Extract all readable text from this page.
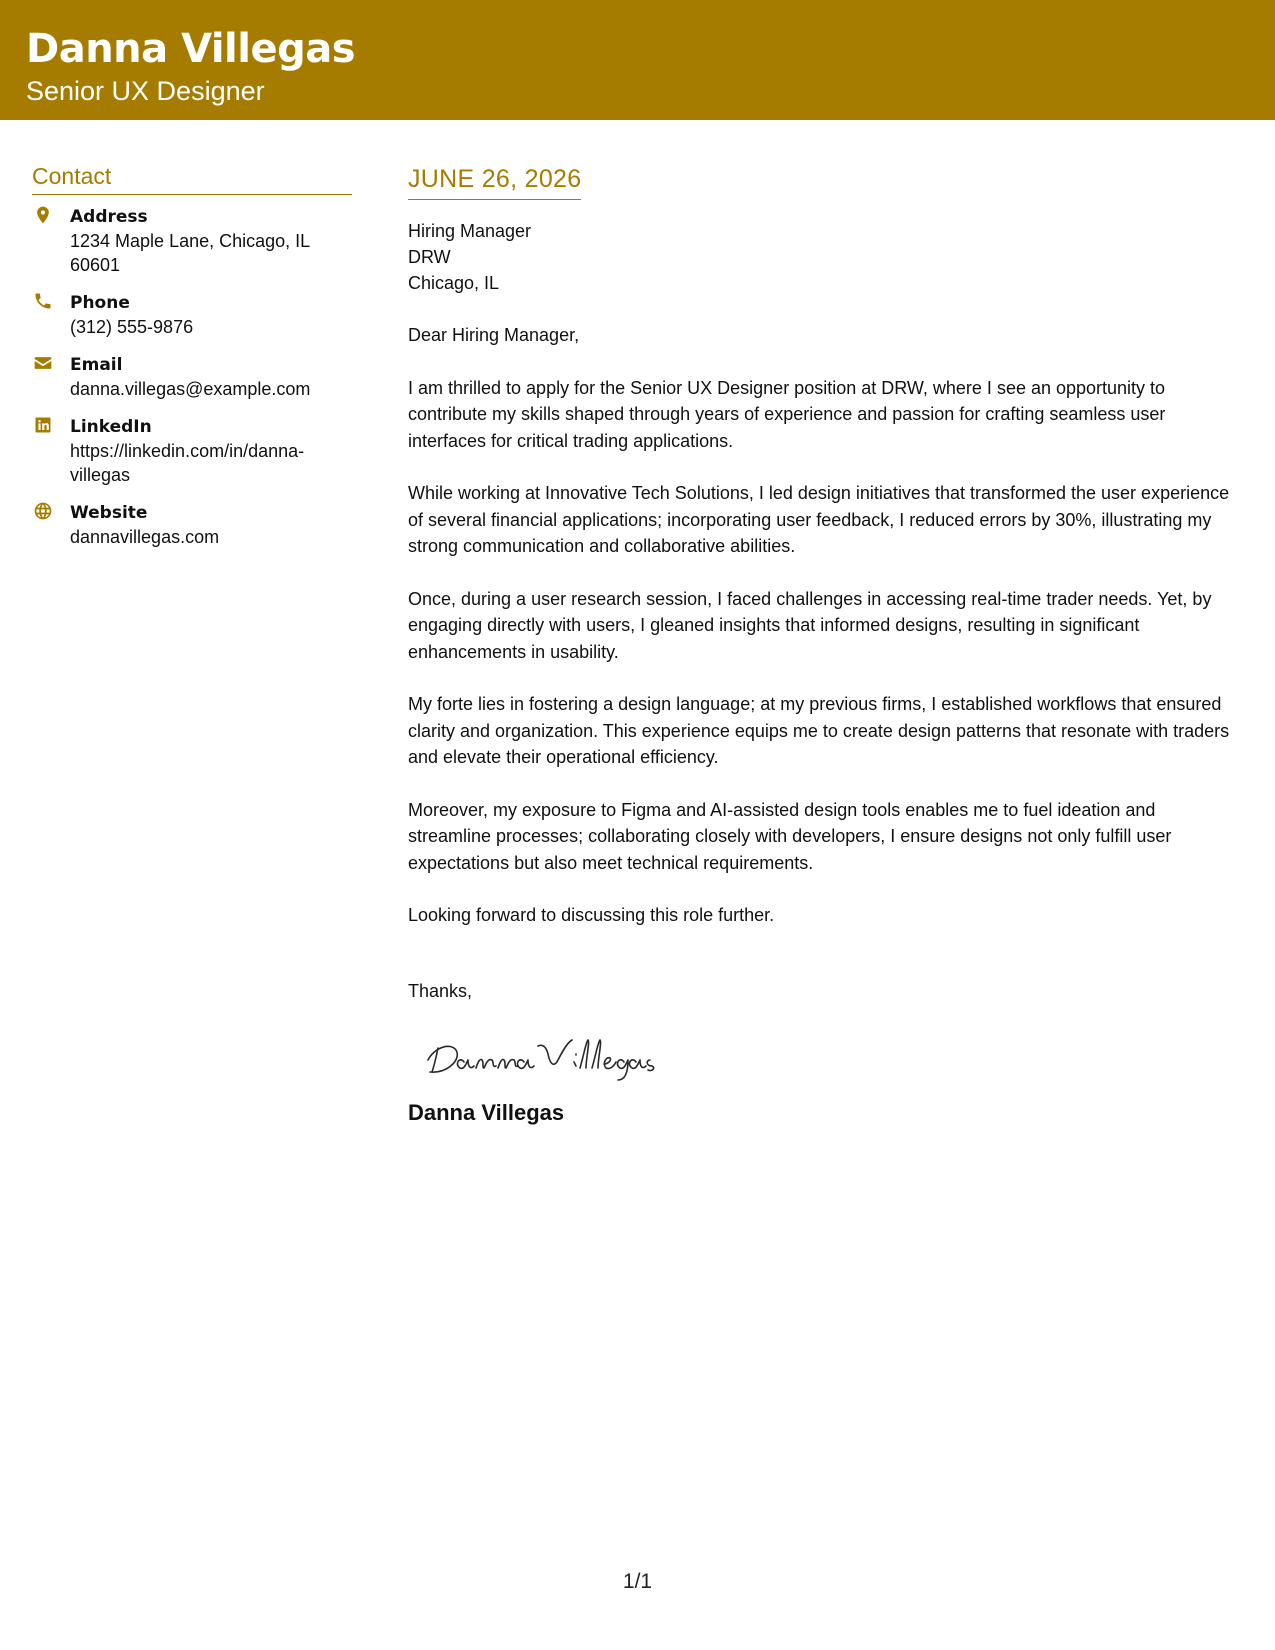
Danna Villegas
Senior UX Designer
Contact
Address
1234 Maple Lane, Chicago, IL 60601
Phone
(312) 555-9876
Email
danna.villegas@example.com
LinkedIn
https://linkedin.com/in/danna-villegas
Website
dannavillegas.com
JUNE 26, 2026
Hiring Manager
DRW
Chicago, IL

Dear Hiring Manager,

I am thrilled to apply for the Senior UX Designer position at DRW, where I see an opportunity to contribute my skills shaped through years of experience and passion for crafting seamless user interfaces for critical trading applications.

While working at Innovative Tech Solutions, I led design initiatives that transformed the user experience of several financial applications; incorporating user feedback, I reduced errors by 30%, illustrating my strong communication and collaborative abilities.

Once, during a user research session, I faced challenges in accessing real-time trader needs. Yet, by engaging directly with users, I gleaned insights that informed designs, resulting in significant enhancements in usability.

My forte lies in fostering a design language; at my previous firms, I established workflows that ensured clarity and organization. This experience equips me to create design patterns that resonate with traders and elevate their operational efficiency.

Moreover, my exposure to Figma and AI-assisted design tools enables me to fuel ideation and streamline processes; collaborating closely with developers, I ensure designs not only fulfill user expectations but also meet technical requirements.

Looking forward to discussing this role further.

Thanks,
Danna Villegas
1/1
